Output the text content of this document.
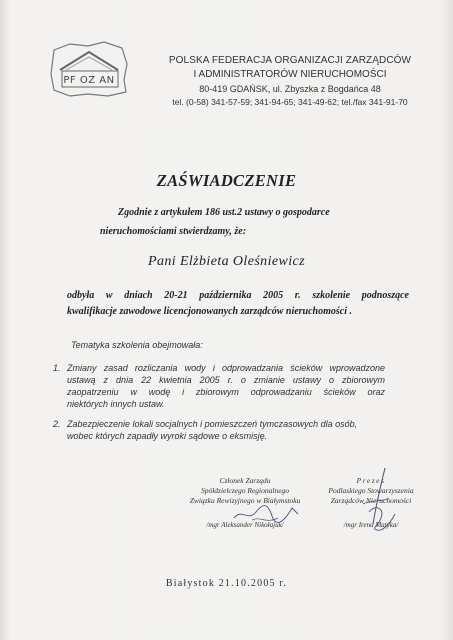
PF OZ AN
POLSKA FEDERACJA ORGANIZACJI ZARZĄDCÓW
I ADMINISTRATORÓW NIERUCHOMOŚCI
80-419 GDAŃSK, ul. Zbyszka z Bogdańca 48
tel. (0-58) 341-57-59; 341-94-65; 341-49-62; tel./fax 341-91-70
ZAŚWIADCZENIE
Zgodnie z artykułem 186 ust.2 ustawy o gospodarce
nieruchomościami stwierdzamy, że:
Pani Elżbieta Oleśniewicz
odbyła w dniach 20-21 października 2005 r. szkolenie podnoszące
kwalifikacje zawodowe licencjonowanych zarządców nieruchomości .
Tematyka szkolenia obejmowała:
1. Zmiany zasad rozliczania wody i odprowadzania ścieków wprowadzone
ustawą z dnia 22 kwietnia 2005 r. o zmianie ustawy o zbiorowym
zaopatrzeniu w wodę i zbiorowym odprowadzaniu ścieków oraz
niektórych innych ustaw.
2. Zabezpieczenie lokali socjalnych i pomieszczeń tymczasowych dla osób,
wobec których zapadły wyroki sądowe o eksmisję.
Członek Zarządu
Spółdzielczego Regionalnego
Związku Rewizyjnego w Białymstoku
/mgr Aleksander Nikołajuk/
Prezes
Podlaskiego Stowarzyszenia
Zarządców Nieruchomości
/mgr Irena Matyka/
Białystok 21.10.2005 r.
